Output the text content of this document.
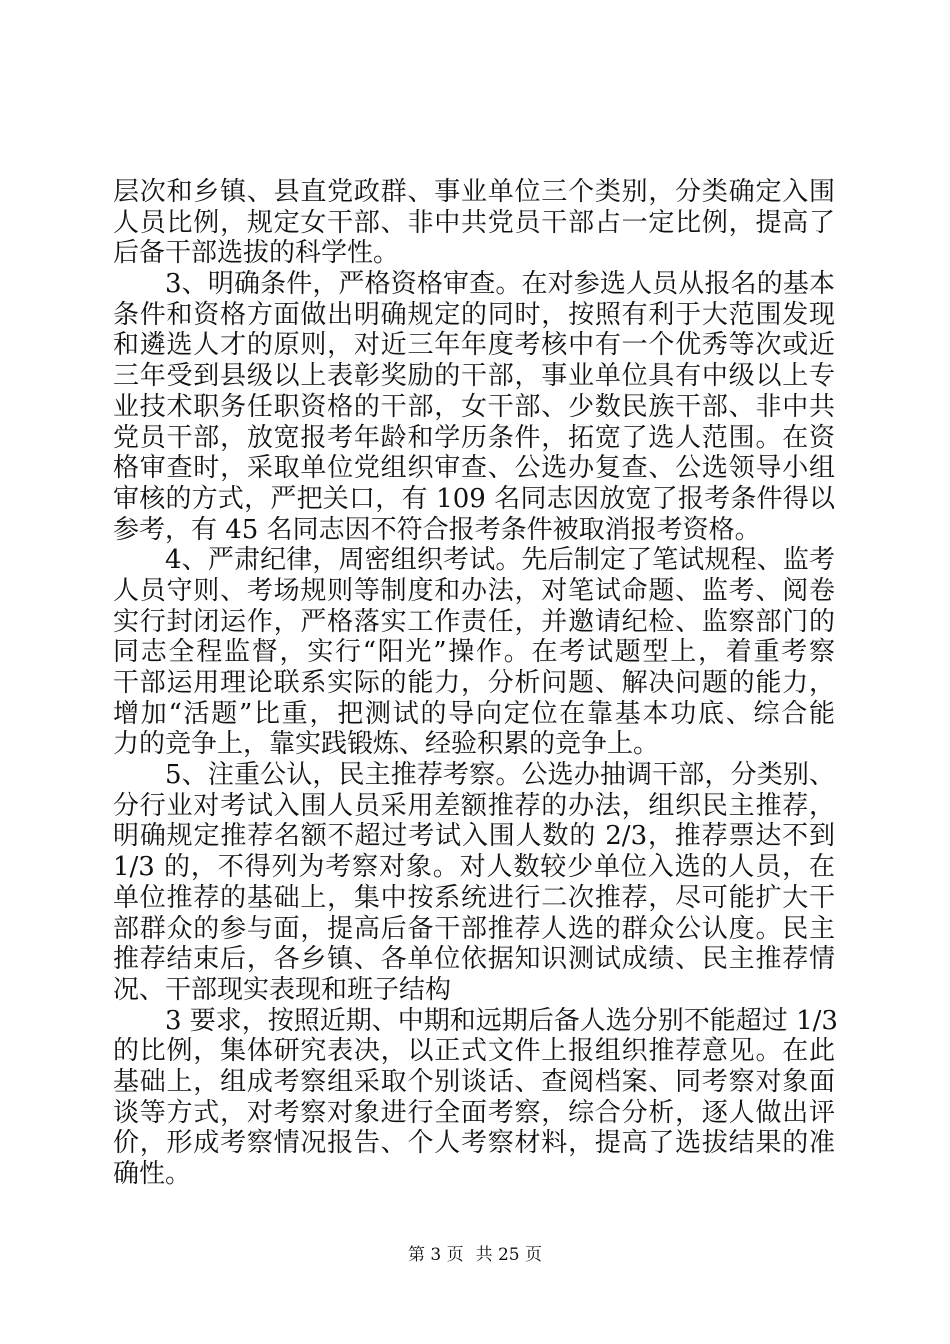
层次和乡镇、县直党政群、事业单位三个类别，分类确定入围
人员比例，规定女干部、非中共党员干部占一定比例，提高了
后备干部选拔的科学性。
3、明确条件，严格资格审查。在对参选人员从报名的基本
条件和资格方面做出明确规定的同时，按照有利于大范围发现
和遴选人才的原则，对近三年年度考核中有一个优秀等次或近
三年受到县级以上表彰奖励的干部，事业单位具有中级以上专
业技术职务任职资格的干部，女干部、少数民族干部、非中共
党员干部，放宽报考年龄和学历条件，拓宽了选人范围。在资
格审查时，采取单位党组织审查、公选办复查、公选领导小组
审核的方式，严把关口，有 109 名同志因放宽了报考条件得以
参考，有 45 名同志因不符合报考条件被取消报考资格。
4、严肃纪律，周密组织考试。先后制定了笔试规程、监考
人员守则、考场规则等制度和办法，对笔试命题、监考、阅卷
实行封闭运作，严格落实工作责任，并邀请纪检、监察部门的
同志全程监督，实行“阳光”操作。在考试题型上，着重考察
干部运用理论联系实际的能力，分析问题、解决问题的能力，
增加“活题”比重，把测试的导向定位在靠基本功底、综合能
力的竞争上，靠实践锻炼、经验积累的竞争上。
5、注重公认，民主推荐考察。公选办抽调干部，分类别、
分行业对考试入围人员采用差额推荐的办法，组织民主推荐，
明确规定推荐名额不超过考试入围人数的 2/3，推荐票达不到
1/3 的，不得列为考察对象。对人数较少单位入选的人员，在
单位推荐的基础上，集中按系统进行二次推荐，尽可能扩大干
部群众的参与面，提高后备干部推荐人选的群众公认度。民主
推荐结束后，各乡镇、各单位依据知识测试成绩、民主推荐情
况、干部现实表现和班子结构
3 要求，按照近期、中期和远期后备人选分别不能超过 1/3
的比例，集体研究表决，以正式文件上报组织推荐意见。在此
基础上，组成考察组采取个别谈话、查阅档案、同考察对象面
谈等方式，对考察对象进行全面考察，综合分析，逐人做出评
价，形成考察情况报告、个人考察材料，提高了选拔结果的准
确性。
第 3 页 共 25 页
